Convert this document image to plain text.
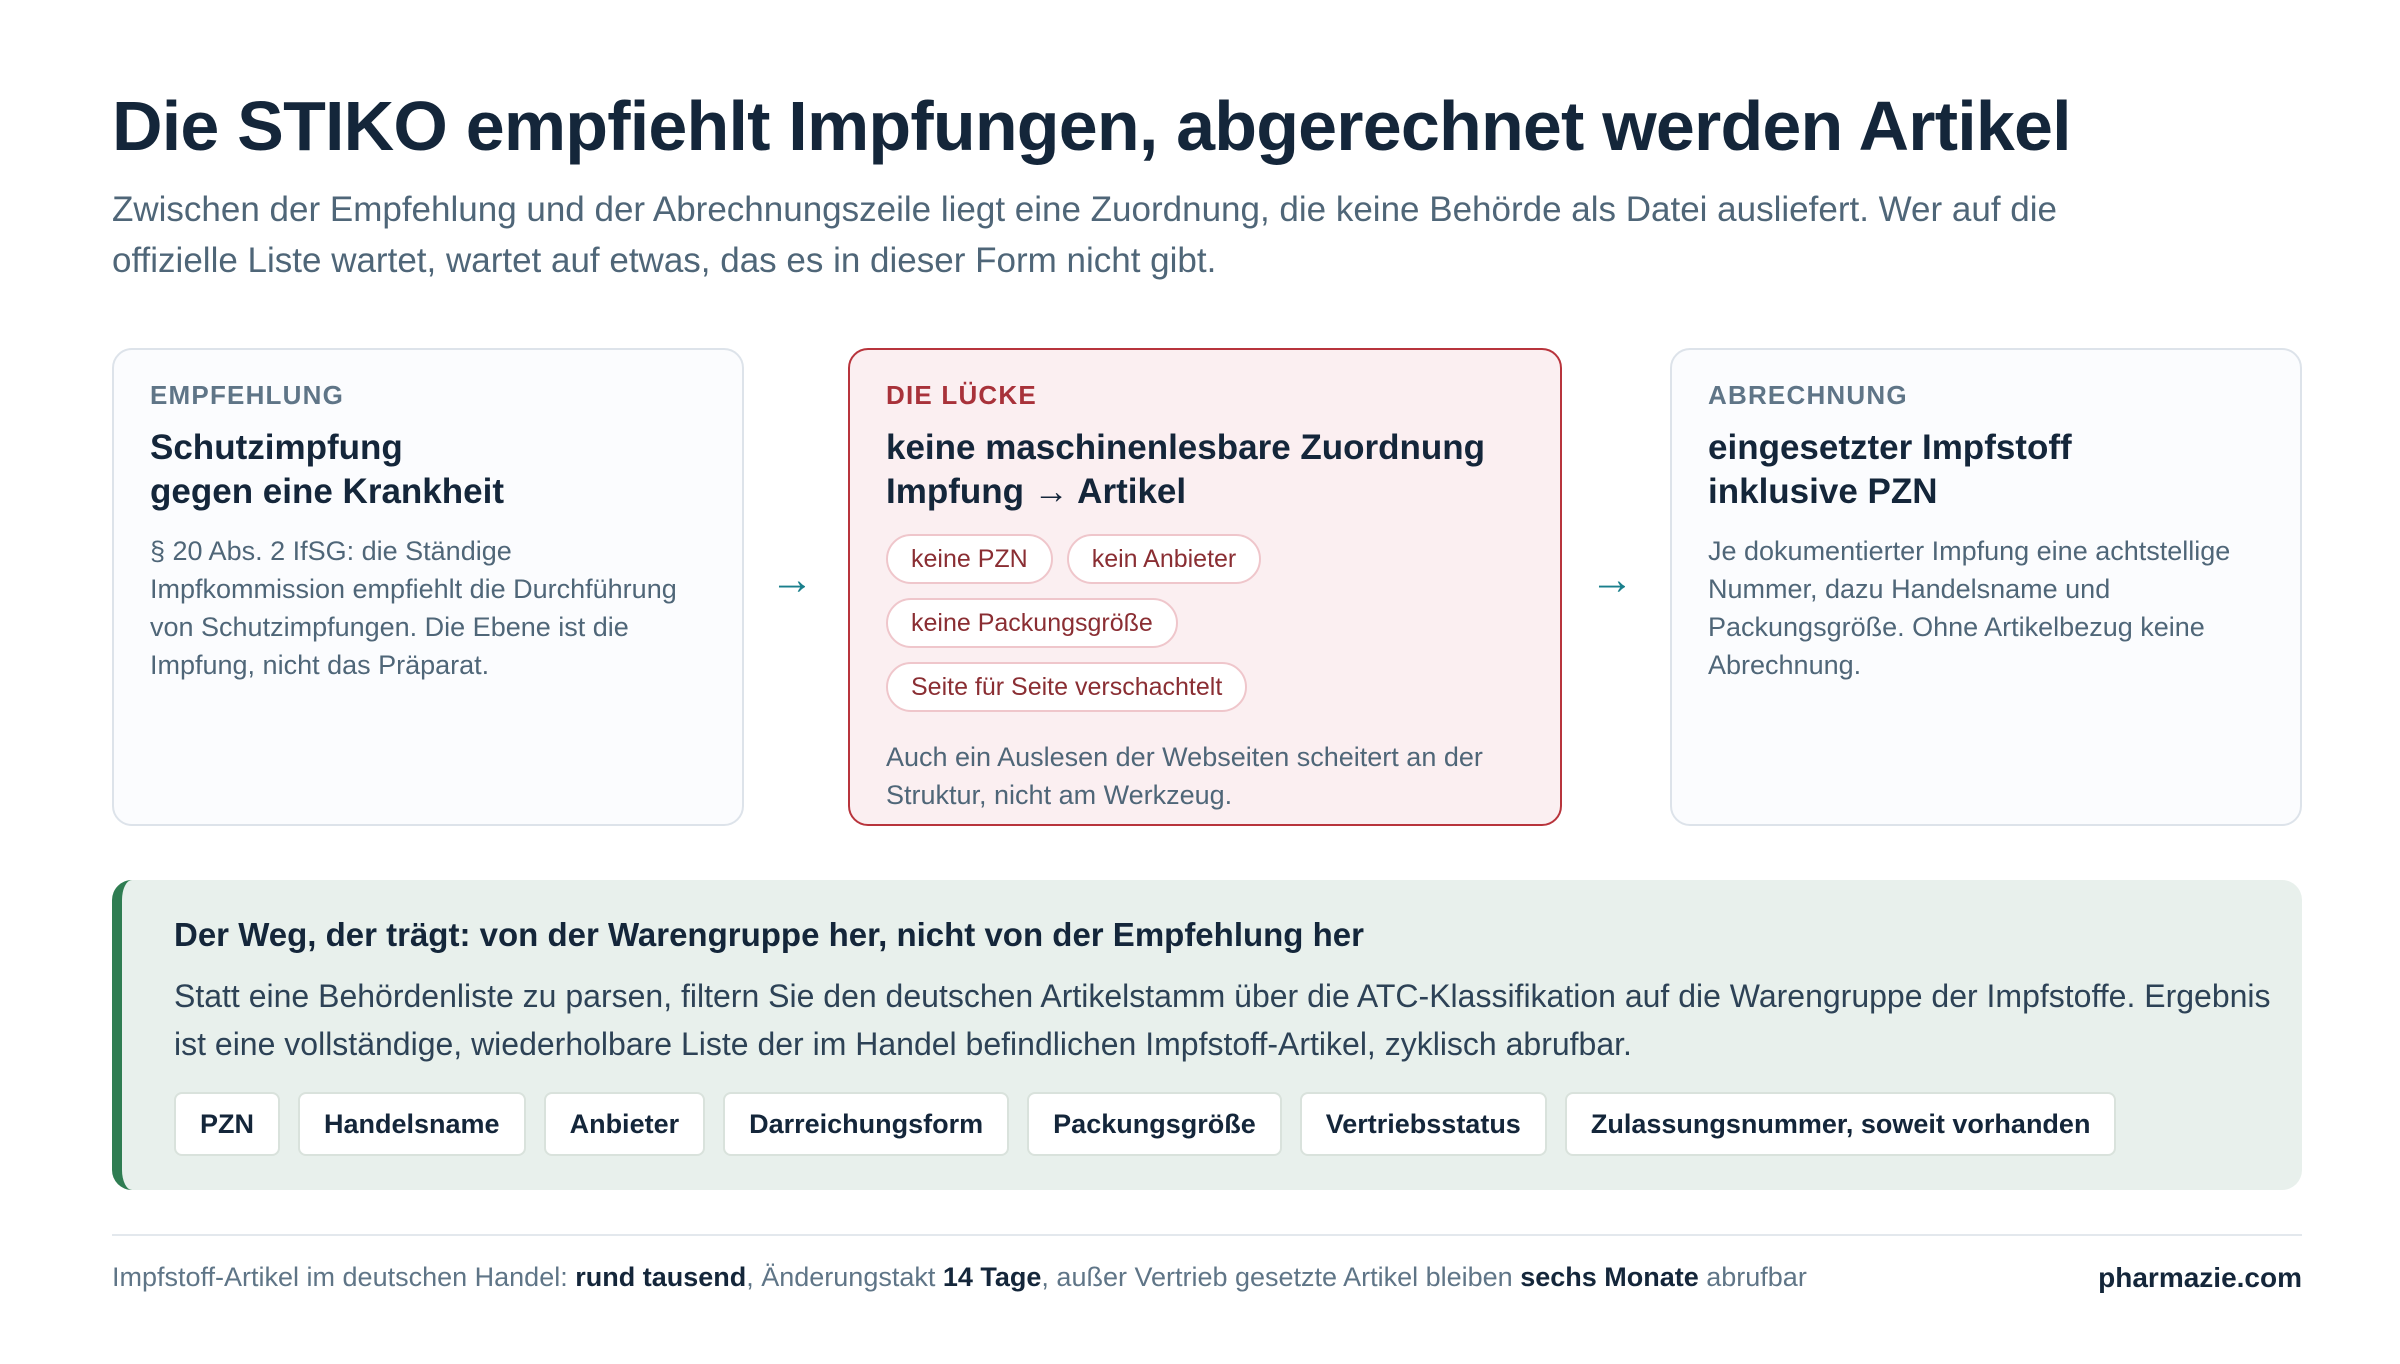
Die STIKO empfiehlt Impfungen, abgerechnet werden Artikel

Zwischen der Empfehlung und der Abrechnungszeile liegt eine Zuordnung, die keine Behörde als Datei ausliefert. Wer auf die offizielle Liste wartet, wartet auf etwas, das es in dieser Form nicht gibt.

EMPFEHLUNG
Schutzimpfung
gegen eine Krankheit

§ 20 Abs. 2 IfSG: die Ständige Impfkommission empfiehlt die Durchführung von Schutzimpfungen. Die Ebene ist die Impfung, nicht das Präparat.

→
DIE LÜCKE
keine maschinenlesbare Zuordnung
Impfung → Artikel
keine PZN	kein Anbieter
keine Packungsgröße
Seite für Seite verschachtelt

Auch ein Auslesen der Webseiten scheitert an der Struktur, nicht am Werkzeug.

→
ABRECHNUNG
eingesetzter Impfstoff
inklusive PZN

Je dokumentierter Impfung eine achtstellige Nummer, dazu Handelsname und Packungsgröße. Ohne Artikelbezug keine Abrechnung.

Der Weg, der trägt: von der Warengruppe her, nicht von der Empfehlung her

Statt eine Behördenliste zu parsen, filtern Sie den deutschen Artikelstamm über die ATC-Klassifikation auf die Warengruppe der Impfstoffe. Ergebnis ist eine vollständige, wiederholbare Liste der im Handel befindlichen Impfstoff-Artikel, zyklisch abrufbar.

PZN	Handelsname	Anbieter	Darreichungsform	Packungsgröße	Vertriebsstatus	Zulassungsnummer, soweit vorhanden

Impfstoff-Artikel im deutschen Handel: rund tausend, Änderungstakt 14 Tage, außer Vertrieb gesetzte Artikel bleiben sechs Monate abrufbar	pharmazie.com
